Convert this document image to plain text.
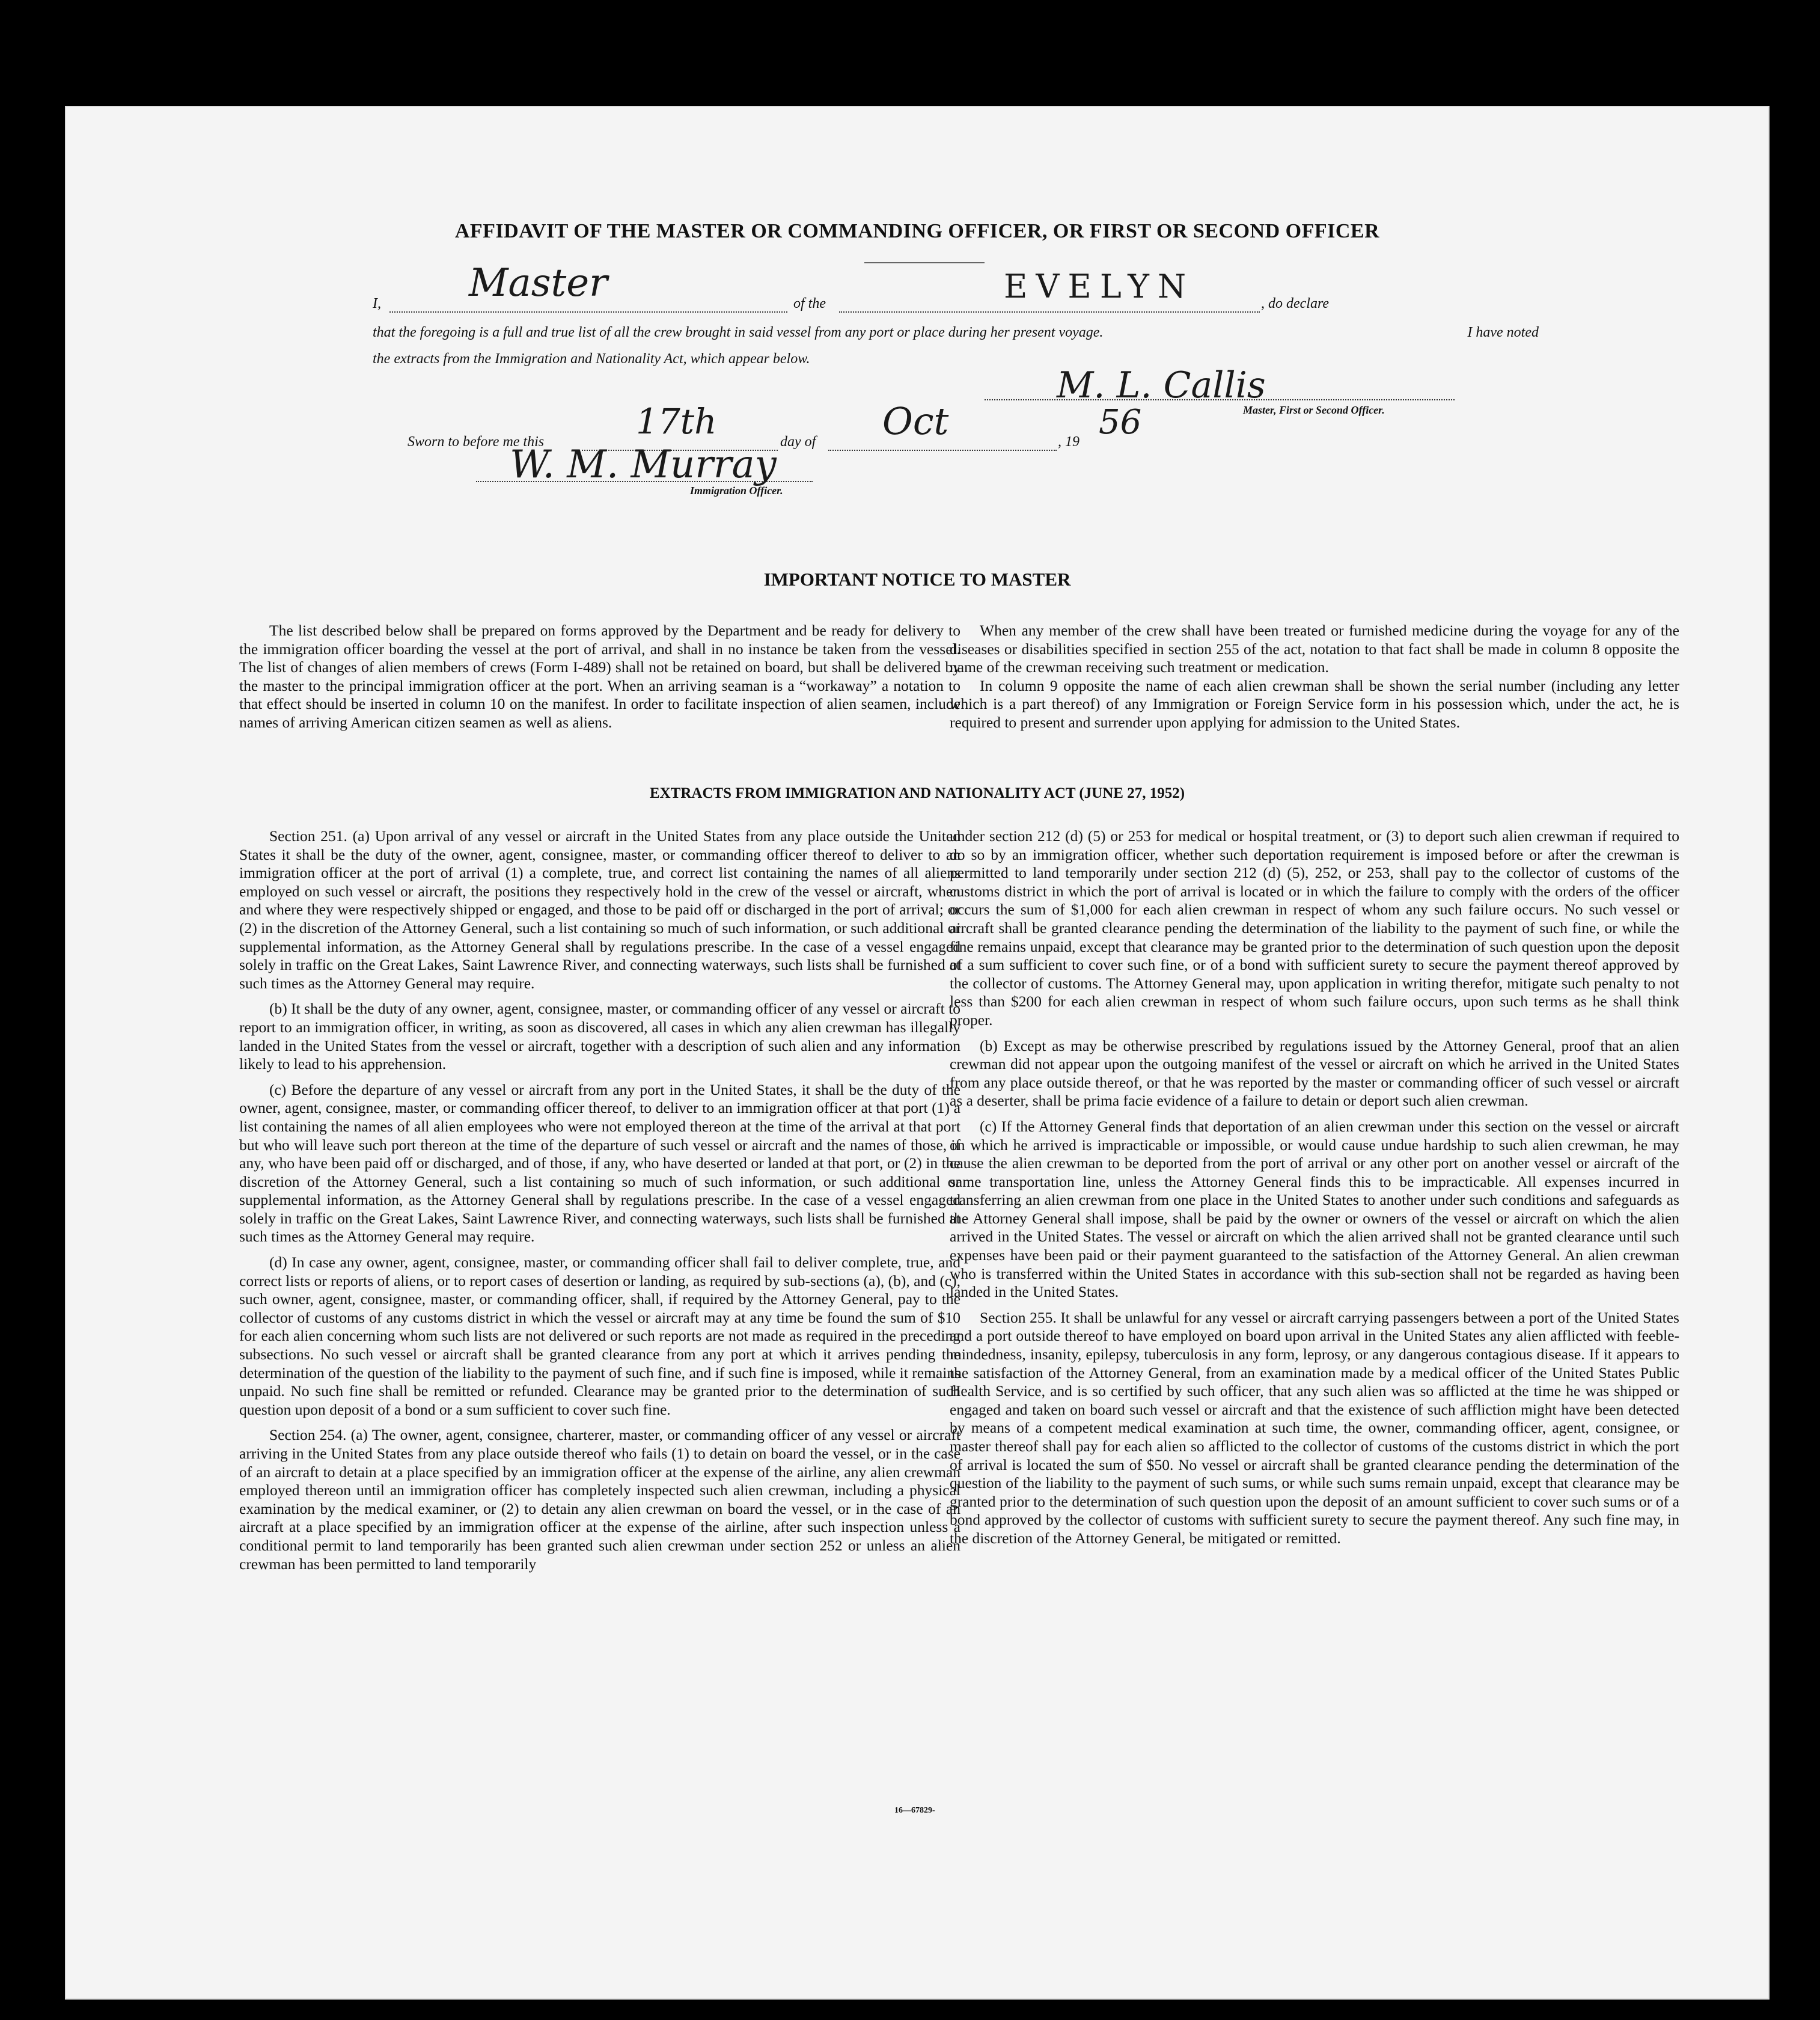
AFFIDAVIT OF THE MASTER OR COMMANDING OFFICER, OR FIRST OR SECOND OFFICER
I, Master	of the	EVELYN	, do declare
that the foregoing is a full and true list of all the crew brought in said vessel from any port or place during her present voyage.	I have noted
the extracts from the Immigration and Nationality Act, which appear below.
M. L. Callis
Master, First or Second Officer.
Sworn to before me this	17th	day of Oct	, 19 56
W. M. Murray
Immigration Officer.
IMPORTANT NOTICE TO MASTER

The list described below shall be prepared on forms approved by the Department and be ready for delivery to the immigration officer boarding the vessel at the port of arrival, and shall in no instance be taken from the vessel. The list of changes of alien members of crews (Form I-489) shall not be retained on board, but shall be delivered by the master to the principal immigration officer at the port. When an arriving seaman is a “workaway” a notation to that effect should be inserted in column 10 on the manifest. In order to facilitate inspection of alien seamen, include names of arriving American citizen seamen as well as aliens.

When any member of the crew shall have been treated or furnished medicine during the voyage for any of the diseases or disabilities specified in section 255 of the act, notation to that fact shall be made in column 8 opposite the name of the crewman receiving such treatment or medication.

In column 9 opposite the name of each alien crewman shall be shown the serial number (including any letter which is a part thereof) of any Immigration or Foreign Service form in his possession which, under the act, he is required to present and surrender upon applying for admission to the United States.

EXTRACTS FROM IMMIGRATION AND NATIONALITY ACT (JUNE 27, 1952)

Section 251. (a) Upon arrival of any vessel or aircraft in the United States from any place outside the United States it shall be the duty of the owner, agent, consignee, master, or commanding officer thereof to deliver to an immigration officer at the port of arrival (1) a complete, true, and correct list containing the names of all aliens employed on such vessel or aircraft, the positions they respectively hold in the crew of the vessel or aircraft, when and where they were respectively shipped or engaged, and those to be paid off or discharged in the port of arrival; or (2) in the discretion of the Attorney General, such a list containing so much of such information, or such additional or supplemental information, as the Attorney General shall by regulations prescribe. In the case of a vessel engaged solely in traffic on the Great Lakes, Saint Lawrence River, and connecting waterways, such lists shall be furnished at such times as the Attorney General may require.

(b) It shall be the duty of any owner, agent, consignee, master, or commanding officer of any vessel or aircraft to report to an immigration officer, in writing, as soon as discovered, all cases in which any alien crewman has illegally landed in the United States from the vessel or aircraft, together with a description of such alien and any information likely to lead to his apprehension.

(c) Before the departure of any vessel or aircraft from any port in the United States, it shall be the duty of the owner, agent, consignee, master, or commanding officer thereof, to deliver to an immigration officer at that port (1) a list containing the names of all alien employees who were not employed thereon at the time of the arrival at that port but who will leave such port thereon at the time of the departure of such vessel or aircraft and the names of those, if any, who have been paid off or discharged, and of those, if any, who have deserted or landed at that port, or (2) in the discretion of the Attorney General, such a list containing so much of such information, or such additional or supplemental information, as the Attorney General shall by regulations prescribe. In the case of a vessel engaged solely in traffic on the Great Lakes, Saint Lawrence River, and connecting waterways, such lists shall be furnished at such times as the Attorney General may require.

(d) In case any owner, agent, consignee, master, or commanding officer shall fail to deliver complete, true, and correct lists or reports of aliens, or to report cases of desertion or landing, as required by sub-sections (a), (b), and (c), such owner, agent, consignee, master, or commanding officer, shall, if required by the Attorney General, pay to the collector of customs of any customs district in which the vessel or aircraft may at any time be found the sum of $10 for each alien concerning whom such lists are not delivered or such reports are not made as required in the preceding subsections. No such vessel or aircraft shall be granted clearance from any port at which it arrives pending the determination of the question of the liability to the payment of such fine, and if such fine is imposed, while it remains unpaid. No such fine shall be remitted or refunded. Clearance may be granted prior to the determination of such question upon deposit of a bond or a sum sufficient to cover such fine.

Section 254. (a) The owner, agent, consignee, charterer, master, or commanding officer of any vessel or aircraft arriving in the United States from any place outside thereof who fails (1) to detain on board the vessel, or in the case of an aircraft to detain at a place specified by an immigration officer at the expense of the airline, any alien crewman employed thereon until an immigration officer has completely inspected such alien crewman, including a physical examination by the medical examiner, or (2) to detain any alien crewman on board the vessel, or in the case of an aircraft at a place specified by an immigration officer at the expense of the airline, after such inspection unless a conditional permit to land temporarily has been granted such alien crewman under section 252 or unless an alien crewman has been permitted to land temporarily

under section 212 (d) (5) or 253 for medical or hospital treatment, or (3) to deport such alien crewman if required to do so by an immigration officer, whether such deportation requirement is imposed before or after the crewman is permitted to land temporarily under section 212 (d) (5), 252, or 253, shall pay to the collector of customs of the customs district in which the port of arrival is located or in which the failure to comply with the orders of the officer occurs the sum of $1,000 for each alien crewman in respect of whom any such failure occurs. No such vessel or aircraft shall be granted clearance pending the determination of the liability to the payment of such fine, or while the fine remains unpaid, except that clearance may be granted prior to the determination of such question upon the deposit of a sum sufficient to cover such fine, or of a bond with sufficient surety to secure the payment thereof approved by the collector of customs. The Attorney General may, upon application in writing therefor, mitigate such penalty to not less than $200 for each alien crewman in respect of whom such failure occurs, upon such terms as he shall think proper.

(b) Except as may be otherwise prescribed by regulations issued by the Attorney General, proof that an alien crewman did not appear upon the outgoing manifest of the vessel or aircraft on which he arrived in the United States from any place outside thereof, or that he was reported by the master or commanding officer of such vessel or aircraft as a deserter, shall be prima facie evidence of a failure to detain or deport such alien crewman.

(c) If the Attorney General finds that deportation of an alien crewman under this section on the vessel or aircraft on which he arrived is impracticable or impossible, or would cause undue hardship to such alien crewman, he may cause the alien crewman to be deported from the port of arrival or any other port on another vessel or aircraft of the same transportation line, unless the Attorney General finds this to be impracticable. All expenses incurred in transferring an alien crewman from one place in the United States to another under such conditions and safeguards as the Attorney General shall impose, shall be paid by the owner or owners of the vessel or aircraft on which the alien arrived in the United States. The vessel or aircraft on which the alien arrived shall not be granted clearance until such expenses have been paid or their payment guaranteed to the satisfaction of the Attorney General. An alien crewman who is transferred within the United States in accordance with this sub-section shall not be regarded as having been landed in the United States.

Section 255. It shall be unlawful for any vessel or aircraft carrying passengers between a port of the United States and a port outside thereof to have employed on board upon arrival in the United States any alien afflicted with feeble-mindedness, insanity, epilepsy, tuberculosis in any form, leprosy, or any dangerous contagious disease. If it appears to the satisfaction of the Attorney General, from an examination made by a medical officer of the United States Public Health Service, and is so certified by such officer, that any such alien was so afflicted at the time he was shipped or engaged and taken on board such vessel or aircraft and that the existence of such affliction might have been detected by means of a competent medical examination at such time, the owner, commanding officer, agent, consignee, or master thereof shall pay for each alien so afflicted to the collector of customs of the customs district in which the port of arrival is located the sum of $50. No vessel or aircraft shall be granted clearance pending the determination of the question of the liability to the payment of such sums, or while such sums remain unpaid, except that clearance may be granted prior to the determination of such question upon the deposit of an amount sufficient to cover such sums or of a bond approved by the collector of customs with sufficient surety to secure the payment thereof. Any such fine may, in the discretion of the Attorney General, be mitigated or remitted.

16—67829-
